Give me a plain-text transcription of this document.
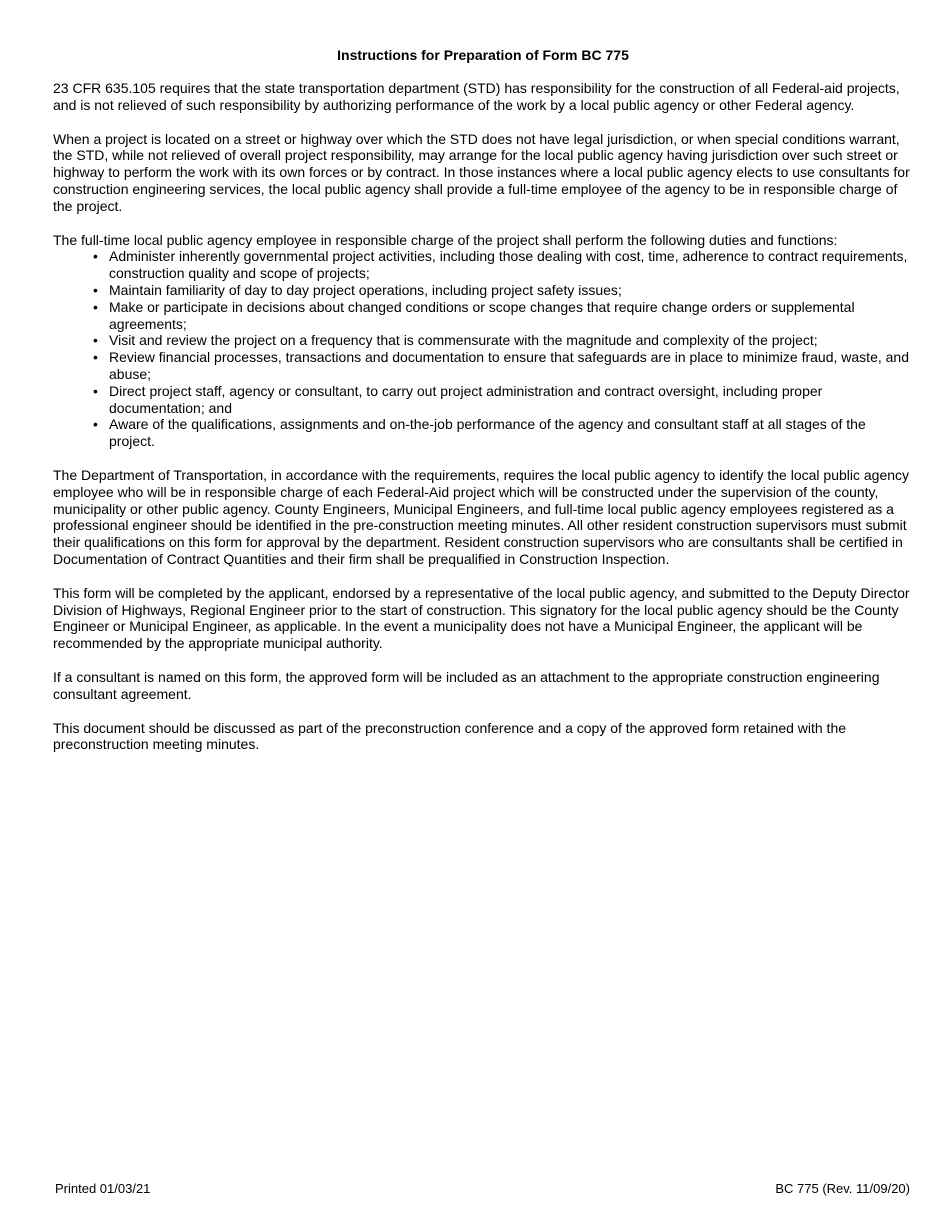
Instructions for Preparation of Form BC 775

23 CFR 635.105 requires that the state transportation department (STD) has responsibility for the construction of all Federal-aid projects, and is not relieved of such responsibility by authorizing performance of the work by a local public agency or other Federal agency.

When a project is located on a street or highway over which the STD does not have legal jurisdiction, or when special conditions warrant, the STD, while not relieved of overall project responsibility, may arrange for the local public agency having jurisdiction over such street or highway to perform the work with its own forces or by contract. In those instances where a local public agency elects to use consultants for construction engineering services, the local public agency shall provide a full-time employee of the agency to be in responsible charge of the project.

The full-time local public agency employee in responsible charge of the project shall perform the following duties and functions:

• Administer inherently governmental project activities, including those dealing with cost, time, adherence to contract requirements, construction quality and scope of projects;
• Maintain familiarity of day to day project operations, including project safety issues;
• Make or participate in decisions about changed conditions or scope changes that require change orders or supplemental agreements;
• Visit and review the project on a frequency that is commensurate with the magnitude and complexity of the project;
• Review financial processes, transactions and documentation to ensure that safeguards are in place to minimize fraud, waste, and abuse;
• Direct project staff, agency or consultant, to carry out project administration and contract oversight, including proper documentation; and
• Aware of the qualifications, assignments and on-the-job performance of the agency and consultant staff at all stages of the project.

The Department of Transportation, in accordance with the requirements, requires the local public agency to identify the local public agency employee who will be in responsible charge of each Federal-Aid project which will be constructed under the supervision of the county, municipality or other public agency. County Engineers, Municipal Engineers, and full-time local public agency employees registered as a professional engineer should be identified in the pre-construction meeting minutes. All other resident construction supervisors must submit their qualifications on this form for approval by the department. Resident construction supervisors who are consultants shall be certified in Documentation of Contract Quantities and their firm shall be prequalified in Construction Inspection.

This form will be completed by the applicant, endorsed by a representative of the local public agency, and submitted to the Deputy Director Division of Highways, Regional Engineer prior to the start of construction. This signatory for the local public agency should be the County Engineer or Municipal Engineer, as applicable. In the event a municipality does not have a Municipal Engineer, the applicant will be recommended by the appropriate municipal authority.

If a consultant is named on this form, the approved form will be included as an attachment to the appropriate construction engineering consultant agreement.

This document should be discussed as part of the preconstruction conference and a copy of the approved form retained with the preconstruction meeting minutes.

Printed 01/03/21	BC 775 (Rev. 11/09/20)
